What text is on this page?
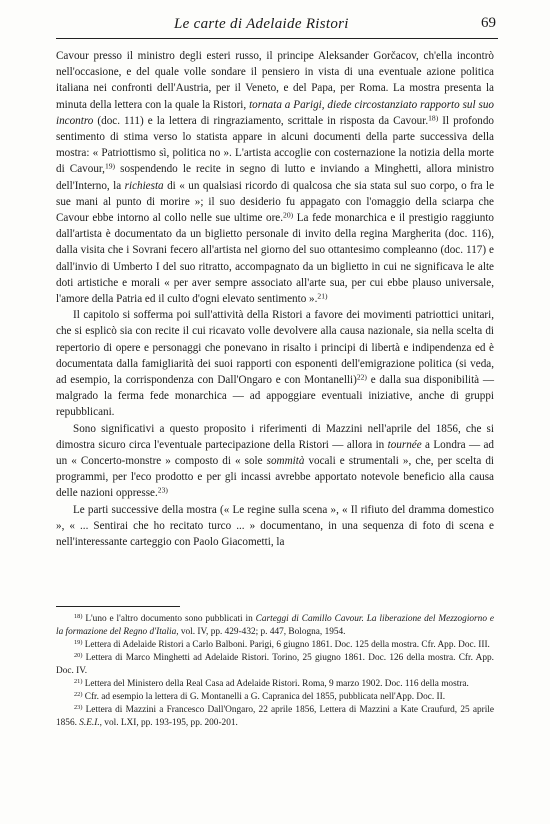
Le carte di Adelaide Ristori	69

Cavour presso il ministro degli esteri russo, il principe Aleksander Gorčacov, ch'ella incontrò nell'occasione, e del quale volle sondare il pensiero in vista di una eventuale azione politica italiana nei confronti dell'Austria, per il Veneto, e del Papa, per Roma. La mostra presenta la minuta della lettera con la quale la Ristori, tornata a Parigi, diede circostanziato rapporto sul suo incontro (doc. 111) e la lettera di ringraziamento, scrittale in risposta da Cavour.$^{18)}$ Il profondo sentimento di stima verso lo statista appare in alcuni documenti della parte successiva della mostra: « Patriottismo sì, politica no ». L'artista accoglie con costernazione la notizia della morte di Cavour,$^{19)}$ sospendendo le recite in segno di lutto e inviando a Minghetti, allora ministro dell'Interno, la richiesta di « un qualsiasi ricordo di qualcosa che sia stata sul suo corpo, o fra le sue mani al punto di morire »; il suo desiderio fu appagato con l'omaggio della sciarpa che Cavour ebbe intorno al collo nelle sue ultime ore.$^{20)}$ La fede monarchica e il prestigio raggiunto dall'artista è documentato da un biglietto personale di invito della regina Margherita (doc. 116), dalla visita che i Sovrani fecero all'artista nel giorno del suo ottantesimo compleanno (doc. 117) e dall'invio di Umberto I del suo ritratto, accompagnato da un biglietto in cui ne significava le alte doti artistiche e morali « per aver sempre associato all'arte sua, per cui ebbe plauso universale, l'amore della Patria ed il culto d'ogni elevato sentimento ».$^{21)}$

Il capitolo si sofferma poi sull'attività della Ristori a favore dei movimenti patriottici unitari, che si esplicò sia con recite il cui ricavato volle devolvere alla causa nazionale, sia nella scelta di repertorio di opere e personaggi che ponevano in risalto i principi di libertà e indipendenza ed è documentata dalla famigliarità dei suoi rapporti con esponenti dell'emigrazione politica (si veda, ad esempio, la corrispondenza con Dall'Ongaro e con Montanelli)$^{22)}$ e dalla sua disponibilità — malgrado la ferma fede monarchica — ad appoggiare eventuali iniziative, anche di gruppi repubblicani.

Sono significativi a questo proposito i riferimenti di Mazzini nell'aprile del 1856, che si dimostra sicuro circa l'eventuale partecipazione della Ristori — allora in tournée a Londra — ad un « Concerto-monstre » composto di « sole sommità vocali e strumentali », che, per scelta di programmi, per l'eco prodotto e per gli incassi avrebbe apportato notevole beneficio alla causa delle nazioni oppresse.$^{23)}$

Le parti successive della mostra (« Le regine sulla scena », « Il rifiuto del dramma domestico », « ... Sentirai che ho recitato turco ... » documentano, in una sequenza di foto di scena e nell'interessante carteggio con Paolo Giacometti, la

$^{18)}$ L'uno e l'altro documento sono pubblicati in Carteggi di Camillo Cavour. La liberazione del Mezzogiorno e la formazione del Regno d'Italia, vol. IV, pp. 429-432; p. 447, Bologna, 1954.

$^{19)}$ Lettera di Adelaide Ristori a Carlo Balboni. Parigi, 6 giugno 1861. Doc. 125 della mostra. Cfr. App. Doc. III.

$^{20)}$ Lettera di Marco Minghetti ad Adelaide Ristori. Torino, 25 giugno 1861. Doc. 126 della mostra. Cfr. App. Doc. IV.

$^{21)}$ Lettera del Ministero della Real Casa ad Adelaide Ristori. Roma, 9 marzo 1902. Doc. 116 della mostra.

$^{22)}$ Cfr. ad esempio la lettera di G. Montanelli a G. Capranica del 1855, pubblicata nell'App. Doc. II.

$^{23)}$ Lettera di Mazzini a Francesco Dall'Ongaro, 22 aprile 1856, Lettera di Mazzini a Kate Craufurd, 25 aprile 1856. S.E.I., vol. LXI, pp. 193-195, pp. 200-201.
